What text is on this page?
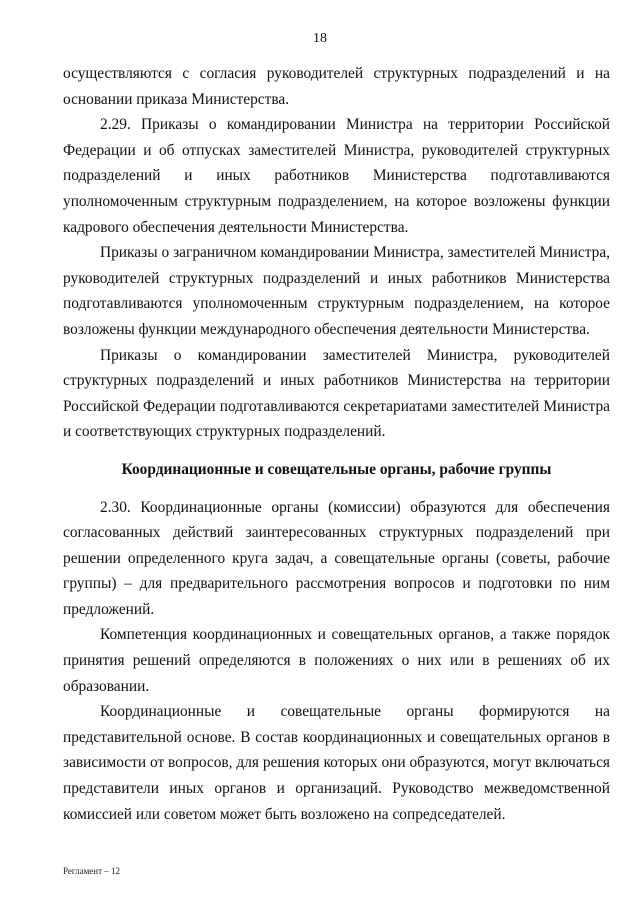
18

осуществляются с согласия руководителей структурных подразделений и на основании приказа Министерства.

2.29. Приказы о командировании Министра на территории Российской Федерации и об отпусках заместителей Министра, руководителей структурных подразделений и иных работников Министерства подготавливаются уполномоченным структурным подразделением, на которое возложены функции кадрового обеспечения деятельности Министерства.

Приказы о заграничном командировании Министра, заместителей Министра, руководителей структурных подразделений и иных работников Министерства подготавливаются уполномоченным структурным подразделением, на которое возложены функции международного обеспечения деятельности Министерства.

Приказы о командировании заместителей Министра, руководителей структурных подразделений и иных работников Министерства на территории Российской Федерации подготавливаются секретариатами заместителей Министра и соответствующих структурных подразделений.

Координационные и совещательные органы, рабочие группы

2.30. Координационные органы (комиссии) образуются для обеспечения согласованных действий заинтересованных структурных подразделений при решении определенного круга задач, а совещательные органы (советы, рабочие группы) – для предварительного рассмотрения вопросов и подготовки по ним предложений.

Компетенция координационных и совещательных органов, а также порядок принятия решений определяются в положениях о них или в решениях об их образовании.

Координационные и совещательные органы формируются на представительной основе. В состав координационных и совещательных органов в зависимости от вопросов, для решения которых они образуются, могут включаться представители иных органов и организаций. Руководство межведомственной комиссией или советом может быть возложено на сопредседателей.

Регламент – 12
